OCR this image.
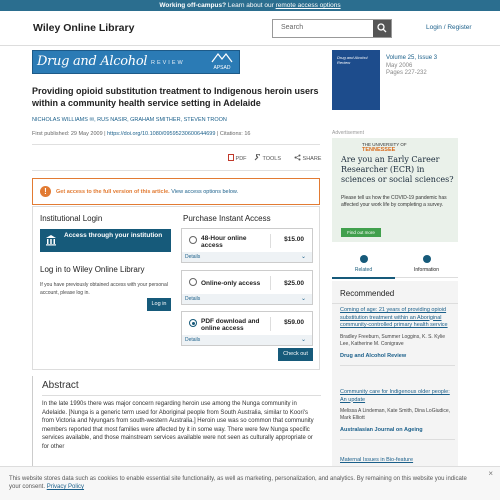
Working off-campus? Learn about our remote access options
Wiley Online Library	Search	Login / Register
Drug and Alcohol REVIEW
APSAD
Providing opioid substitution treatment to Indigenous heroin users within a community health service setting in Adelaide
NICHOLAS WILLIAMS ✉, RUS NASIR, GRAHAM SMITHER, STEVEN TROON
First published: 29 May 2009 | https://doi.org/10.1080/09595230600644699 | Citations: 16
PDF	TOOLS	SHARE
!	Get access to the full version of this article. View access options below.
Institutional Login
Access through your institution
Log in to Wiley Online Library
If you have previously obtained access with your personal account, please log in.
Log in
Purchase Instant Access
48-Hour online access
$15.00
Details	⌄
Online-only access	$25.00
Details	⌄
PDF download and online access
$59.00
Details	⌄
Check out
Abstract

In the late 1990s there was major concern regarding heroin use among the Nunga community in Adelaide. [Nunga is a generic term used for Aboriginal people from South Australia, similar to Koori's from Victoria and Nyungars from south-western Australia.] Heroin use was so common that community members reported that most families were affected by it in some way. There were few Nunga specific services available, and those mainstream services available were not seen as culturally appropriate or for other

Drug and Alcohol Review
Volume 25, Issue 3
May 2006
Pages 227-232
Advertisement
THE UNIVERSITY OF
TENNESSEE
Are you an Early Career Researcher (ECR) in sciences or social sciences?
Please tell us how the COVID-19 pandemic has affected your work life by completing a survey.
Find out more
Related	Information
Recommended
Coming of age: 21 years of providing opioid substitution treatment within an Aboriginal community-controlled primary health service
Bradley Freeburn, Summer Loggins, K. S. Kylie Lee, Katherine M. Conigrave
Drug and Alcohol Review
Community care for Indigenous older people: An update
Melissa A Lindeman, Kate Smith, Dina LoGiudice, Mark Elliott
Australasian Journal on Ageing
Maternal Issues in Bio-feature

This website stores data such as cookies to enable essential site functionality, as well as marketing, personalization, and analytics. By remaining on this website you indicate your consent. Privacy Policy

×
